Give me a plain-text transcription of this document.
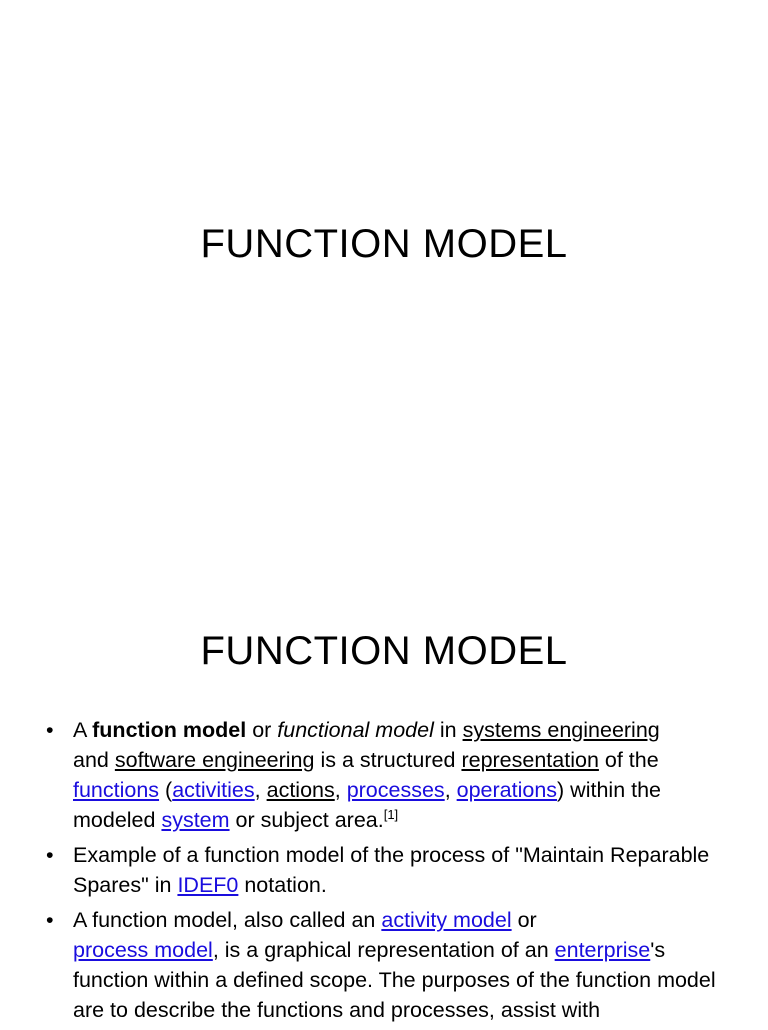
FUNCTION MODEL
FUNCTION MODEL
• A function model or functional model in systems engineering
and software engineering is a structured representation of the
functions (activities, actions, processes, operations) within the modeled system or subject area.[1]
• Example of a function model of the process of "Maintain Reparable Spares" in IDEF0 notation.
• A function model, also called an activity model or
process model, is a graphical representation of an enterprise's function within a defined scope. The purposes of the function model are to describe the functions and processes, assist with
